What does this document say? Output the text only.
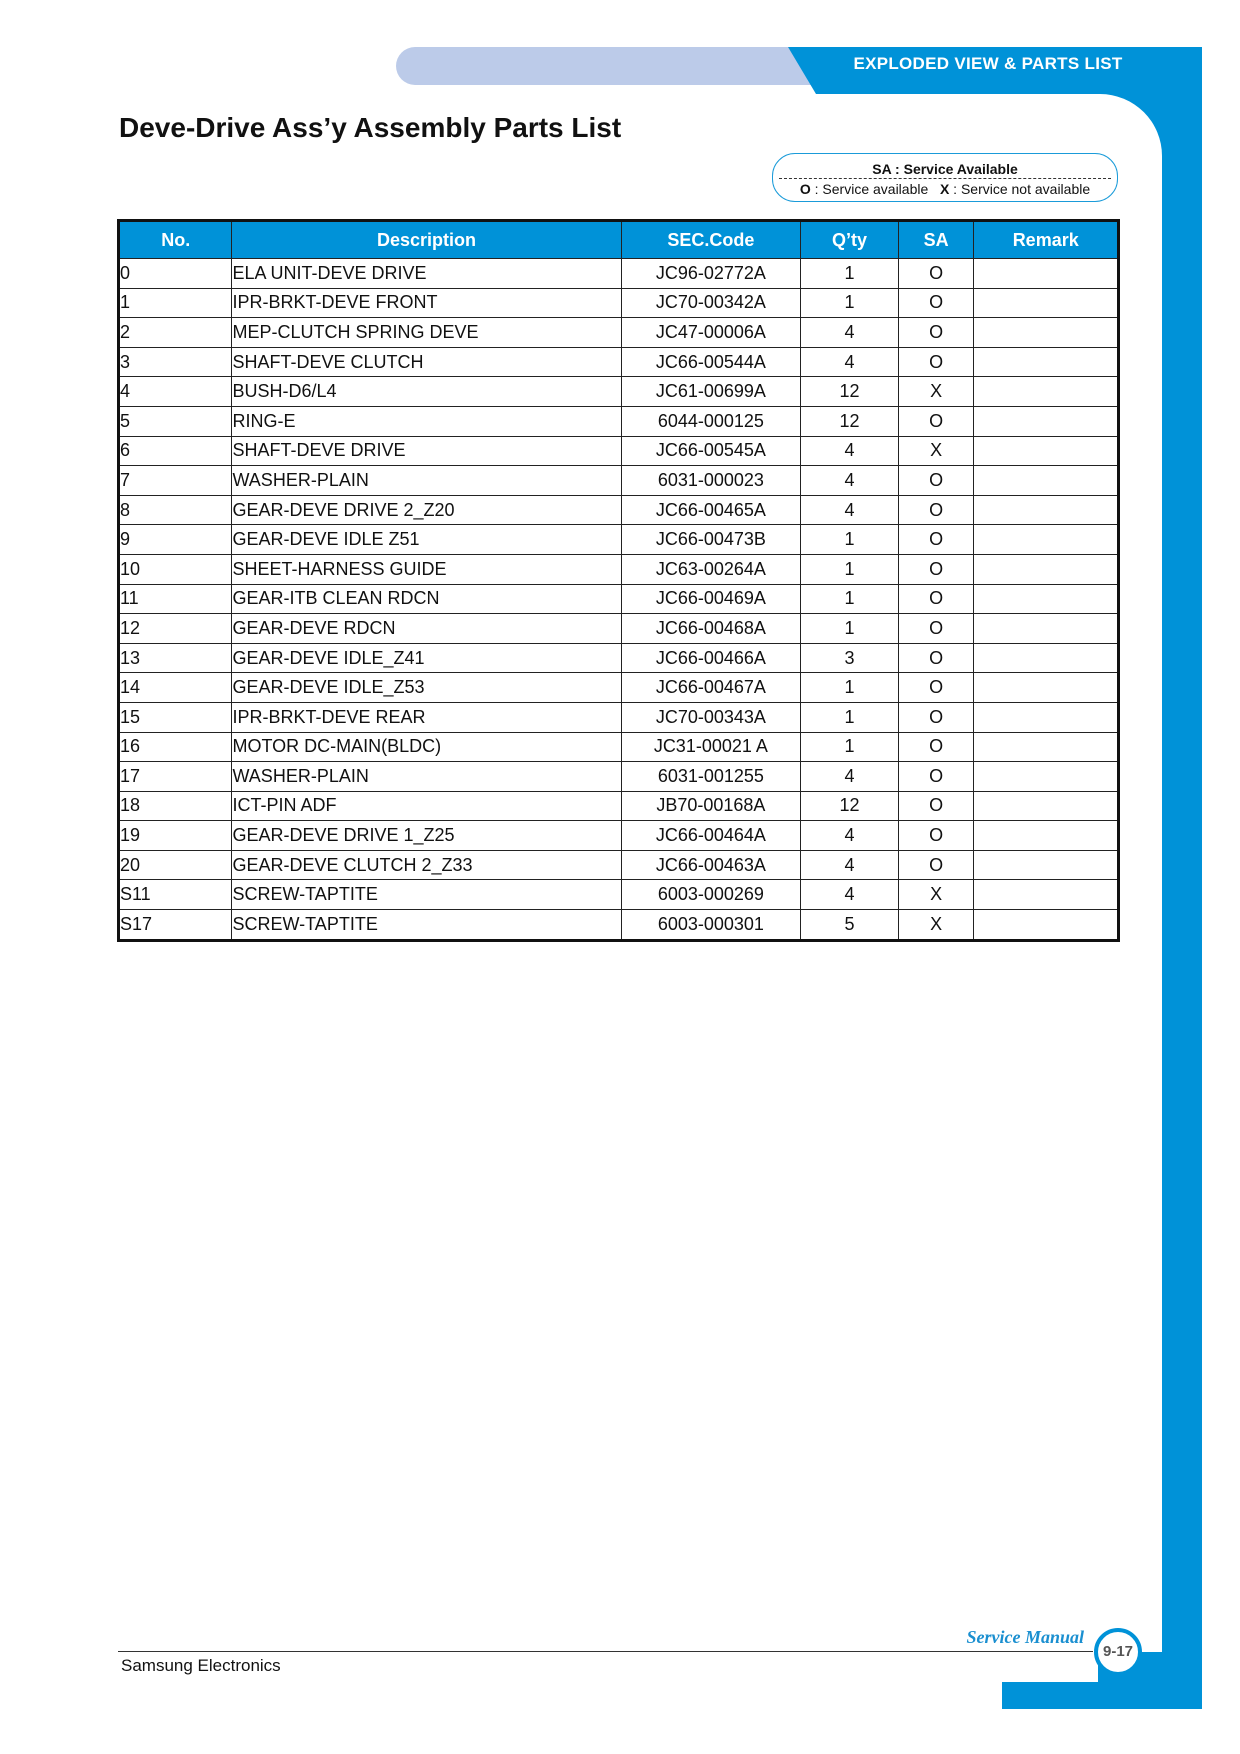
EXPLODED VIEW & PARTS LIST
Deve-Drive Ass’y Assembly Parts List
SA : Service Available
O : Service available X : Service not available
No.	Description	SEC.Code	Q’ty	SA	Remark
0	ELA UNIT-DEVE DRIVE	JC96-02772A	1	O	
1	IPR-BRKT-DEVE FRONT	JC70-00342A	1	O	
2	MEP-CLUTCH SPRING DEVE	JC47-00006A	4	O	
3	SHAFT-DEVE CLUTCH	JC66-00544A	4	O	
4	BUSH-D6/L4	JC61-00699A	12	X	
5	RING-E	6044-000125	12	O	
6	SHAFT-DEVE DRIVE	JC66-00545A	4	X	
7	WASHER-PLAIN	6031-000023	4	O	
8	GEAR-DEVE DRIVE 2_Z20	JC66-00465A	4	O	
9	GEAR-DEVE IDLE Z51	JC66-00473B	1	O	
10	SHEET-HARNESS GUIDE	JC63-00264A	1	O	
11	GEAR-ITB CLEAN RDCN	JC66-00469A	1	O	
12	GEAR-DEVE RDCN	JC66-00468A	1	O	
13	GEAR-DEVE IDLE_Z41	JC66-00466A	3	O	
14	GEAR-DEVE IDLE_Z53	JC66-00467A	1	O	
15	IPR-BRKT-DEVE REAR	JC70-00343A	1	O	
16	MOTOR DC-MAIN(BLDC)	JC31-00021 A	1	O	
17	WASHER-PLAIN	6031-001255	4	O	
18	ICT-PIN ADF	JB70-00168A	12	O	
19	GEAR-DEVE DRIVE 1_Z25	JC66-00464A	4	O	
20	GEAR-DEVE CLUTCH 2_Z33	JC66-00463A	4	O	
S11	SCREW-TAPTITE	6003-000269	4	X	
S17	SCREW-TAPTITE	6003-000301	5	X	
Samsung Electronics
Service Manual
9-17
